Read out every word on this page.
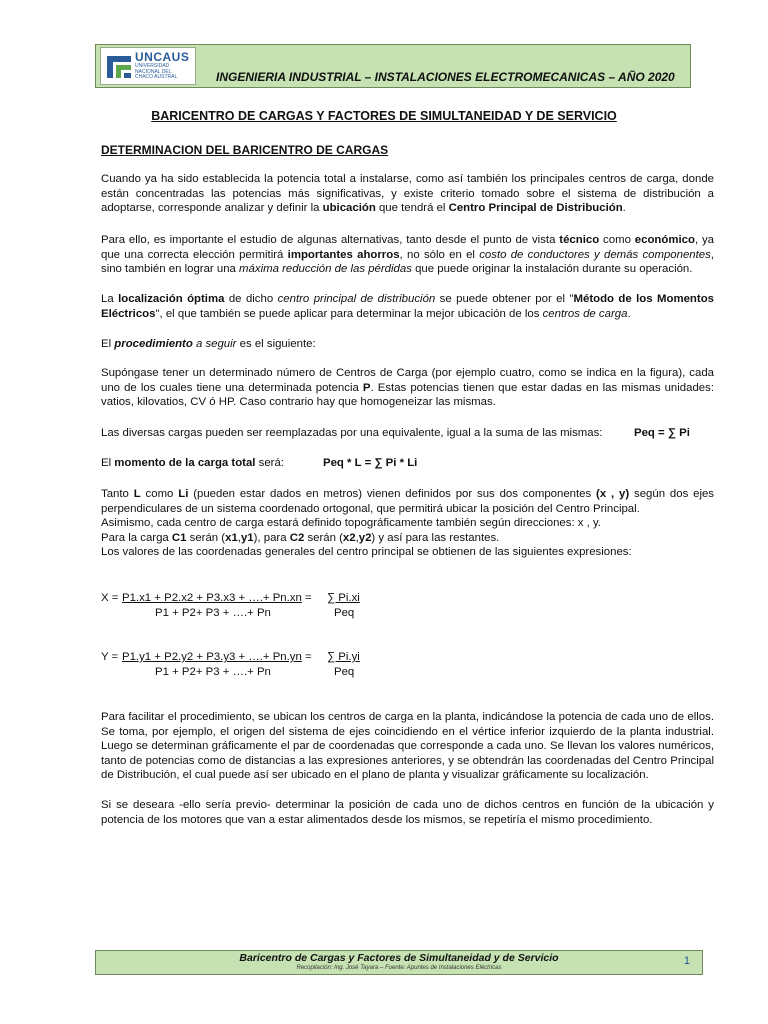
UNCAUS
UNIVERSIDAD
NACIONAL DEL
CHACO AUSTRAL	INGENIERIA INDUSTRIAL – INSTALACIONES ELECTROMECANICAS – AÑO 2020
BARICENTRO DE CARGAS Y FACTORES DE SIMULTANEIDAD Y DE SERVICIO
DETERMINACION DEL BARICENTRO DE CARGAS
Cuando ya ha sido establecida la potencia total a instalarse, como así también los principales centros de carga, donde están concentradas las potencias más significativas, y existe criterio tomado sobre el sistema de distribución a adoptarse, corresponde analizar y definir la ubicación que tendrá el Centro Principal de Distribución.
Para ello, es importante el estudio de algunas alternativas, tanto desde el punto de vista técnico como económico, ya que una correcta elección permitirá importantes ahorros, no sólo en el costo de conductores y demás componentes, sino también en lograr una máxima reducción de las pérdidas que puede originar la instalación durante su operación.
La localización óptima de dicho centro principal de distribución se puede obtener por el "Método de los Momentos Eléctricos", el que también se puede aplicar para determinar la mejor ubicación de los centros de carga.
El procedimiento a seguir es el siguiente:
Supóngase tener un determinado número de Centros de Carga (por ejemplo cuatro, como se indica en la figura), cada uno de los cuales tiene una determinada potencia P. Estas potencias tienen que estar dadas en las mismas unidades: vatios, kilovatios, CV ó HP. Caso contrario hay que homogeneizar las mismas.
Las diversas cargas pueden ser reemplazadas por una equivalente, igual a la suma de las mismas:	Peq = ∑ Pi
El momento de la carga total será:	Peq * L = ∑ Pi * Li
Tanto L como Li (pueden estar dados en metros) vienen definidos por sus dos componentes (x , y) según dos ejes perpendiculares de un sistema coordenado ortogonal, que permitirá ubicar la posición del Centro Principal.
Asimismo, cada centro de carga estará definido topográficamente también según direcciones: x , y.
Para la carga C1 serán (x1,y1), para C2 serán (x2,y2) y así para las restantes.
Los valores de las coordenadas generales del centro principal se obtienen de las siguientes expresiones:
X = P1.x1 + P2.x2 + P3.x3 + ….+ Pn.xn = ∑ Pi.xi
P1 + P2+ P3 + ….+ Pn	Peq
Y = P1.y1 + P2.y2 + P3.y3 + ….+ Pn.yn = ∑ Pi.yi
P1 + P2+ P3 + ….+ Pn	Peq
Para facilitar el procedimiento, se ubican los centros de carga en la planta, indicándose la potencia de cada uno de ellos. Se toma, por ejemplo, el origen del sistema de ejes coincidiendo en el vértice inferior izquierdo de la planta industrial. Luego se determinan gráficamente el par de coordenadas que corresponde a cada uno. Se llevan los valores numéricos, tanto de potencias como de distancias a las expresiones anteriores, y se obtendrán las coordenadas del Centro Principal de Distribución, el cual puede así ser ubicado en el plano de planta y visualizar gráficamente su localización.
Si se deseara -ello sería previo- determinar la posición de cada uno de dichos centros en función de la ubicación y potencia de los motores que van a estar alimentados desde los mismos, se repetiría el mismo procedimiento.
Baricentro de Cargas y Factores de Simultaneidad y de Servicio
Recopilación: Ing. José Tayara – Fuente: Apuntes de Instalaciones Eléctricas
1
